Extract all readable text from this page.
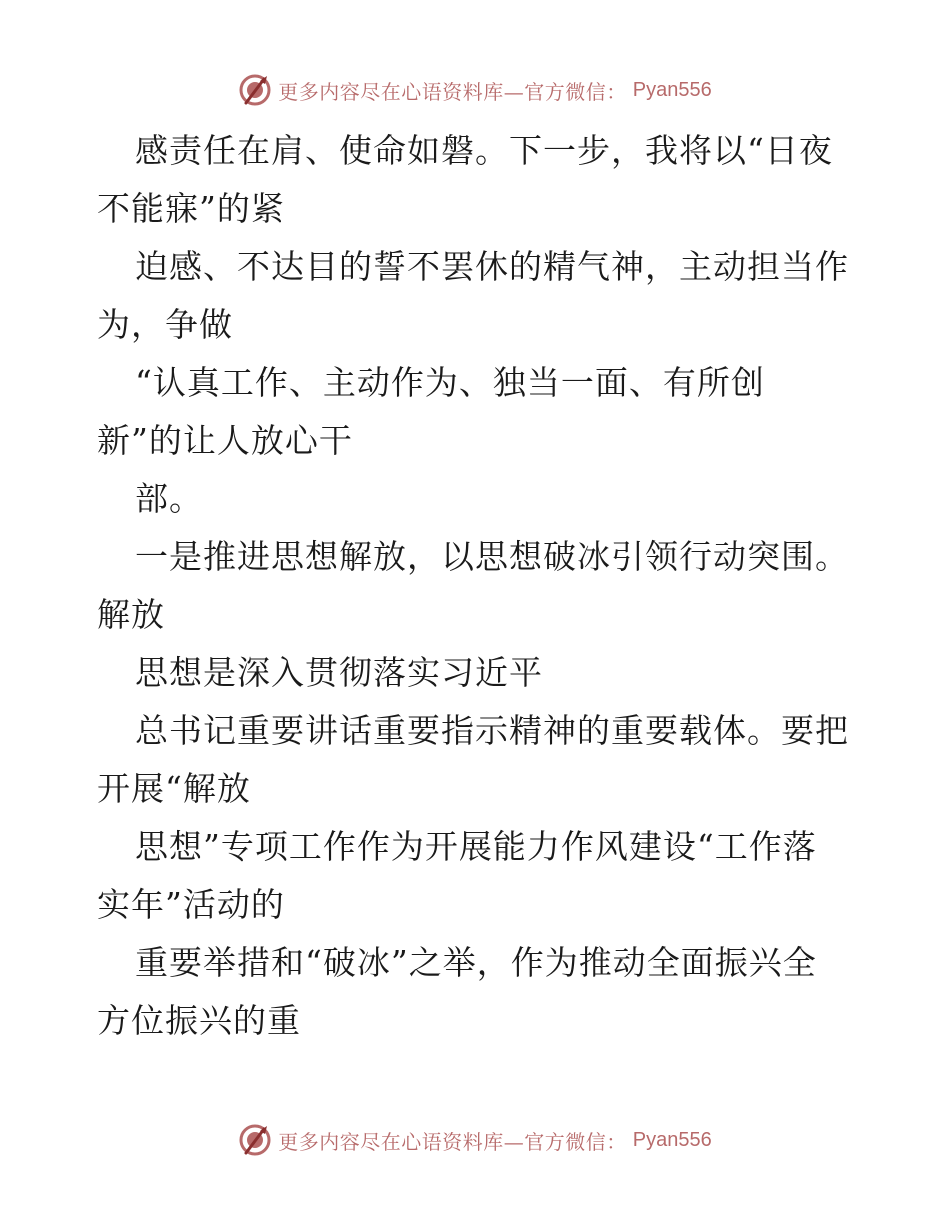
更多内容尽在心语资料库—官方微信： Pyan556
感责任在肩、使命如磐。下一步，我将以“日夜
不能寐”的紧
迫感、不达目的誓不罢休的精气神，主动担当作
为，争做
“认真工作、主动作为、独当一面、有所创
新”的让人放心干
部。
一是推进思想解放，以思想破冰引领行动突围。
解放
思想是深入贯彻落实习近平
总书记重要讲话重要指示精神的重要载体。要把
开展“解放
思想”专项工作作为开展能力作风建设“工作落
实年”活动的
重要举措和“破冰”之举，作为推动全面振兴全
方位振兴的重
更多内容尽在心语资料库—官方微信： Pyan556
